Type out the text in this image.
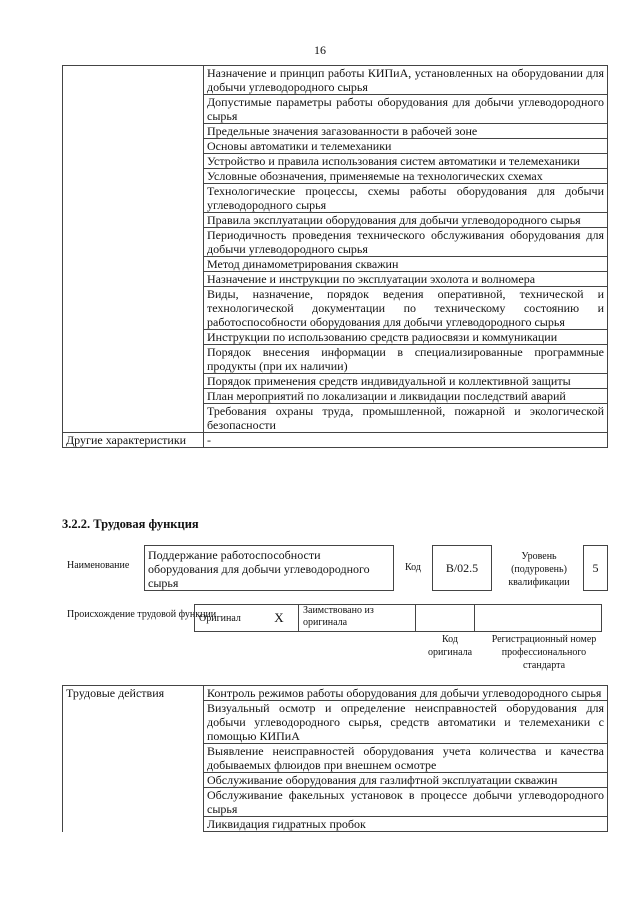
16
	Назначение и принцип работы КИПиА, установленных на оборудовании для добычи углеводородного сырья
	Допустимые параметры работы оборудования для добычи углеводородного сырья
	Предельные значения загазованности в рабочей зоне
	Основы автоматики и телемеханики
	Устройство и правила использования систем автоматики и телемеханики
	Условные обозначения, применяемые на технологических схемах
	Технологические процессы, схемы работы оборудования для добычи углеводородного сырья
	Правила эксплуатации оборудования для добычи углеводородного сырья
	Периодичность проведения технического обслуживания оборудования для добычи углеводородного сырья
	Метод динамометрирования скважин
	Назначение и инструкции по эксплуатации эхолота и волномера
	Виды, назначение, порядок ведения оперативной, технической и технологической документации по техническому состоянию и работоспособности оборудования для добычи углеводородного сырья
	Инструкции по использованию средств радиосвязи и коммуникации
	Порядок внесения информации в специализированные программные продукты (при их наличии)
	Порядок применения средств индивидуальной и коллективной защиты
	План мероприятий по локализации и ликвидации последствий аварий
	Требования охраны труда, промышленной, пожарной и экологической безопасности
Другие характеристики	-
3.2.2. Трудовая функция
Наименование
Поддержание работоспособности оборудования для добычи углеводородного сырья
Код	B/02.5
Уровень (подуровень) квалификации
5
Происхождение трудовой функции
Оригинал	X	Заимствовано из оригинала		
Код оригинала
Регистрационный номер профессионального стандарта
Трудовые действия	Контроль режимов работы оборудования для добычи углеводородного сырья
Визуальный осмотр и определение неисправностей оборудования для добычи углеводородного сырья, средств автоматики и телемеханики с помощью КИПиА
Выявление неисправностей оборудования учета количества и качества добываемых флюидов при внешнем осмотре
Обслуживание оборудования для газлифтной эксплуатации скважин
Обслуживание факельных установок в процессе добычи углеводородного сырья
Ликвидация гидратных пробок
